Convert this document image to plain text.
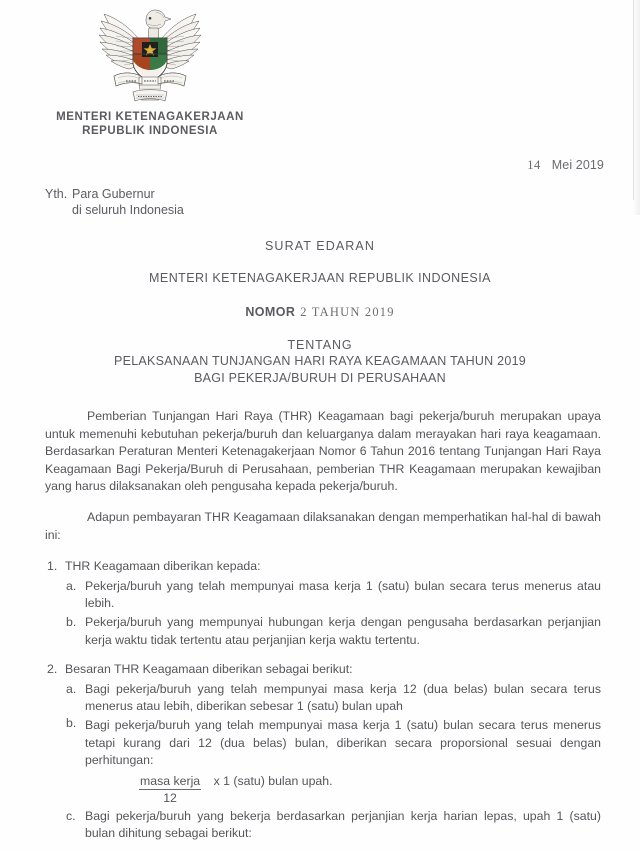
MENTERI KETENAGAKERJAAN
REPUBLIK INDONESIA
14 Mei 2019
Yth. Para Gubernur
di seluruh Indonesia
SURAT EDARAN
MENTERI KETENAGAKERJAAN REPUBLIK INDONESIA
NOMOR 2 TAHUN 2019
TENTANG
PELAKSANAAN TUNJANGAN HARI RAYA KEAGAMAAN TAHUN 2019
BAGI PEKERJA/BURUH DI PERUSAHAAN

Pemberian Tunjangan Hari Raya (THR) Keagamaan bagi pekerja/buruh merupakan upaya untuk memenuhi kebutuhan pekerja/buruh dan keluarganya dalam merayakan hari raya keagamaan. Berdasarkan Peraturan Menteri Ketenagakerjaan Nomor 6 Tahun 2016 tentang Tunjangan Hari Raya Keagamaan Bagi Pekerja/Buruh di Perusahaan, pemberian THR Keagamaan merupakan kewajiban yang harus dilaksanakan oleh pengusaha kepada pekerja/buruh.

Adapun pembayaran THR Keagamaan dilaksanakan dengan memperhatikan hal-hal di bawah ini:

1. THR Keagamaan diberikan kepada:
a. Pekerja/buruh yang telah mempunyai masa kerja 1 (satu) bulan secara terus menerus atau lebih.
b. Pekerja/buruh yang mempunyai hubungan kerja dengan pengusaha berdasarkan perjanjian kerja waktu tidak tertentu atau perjanjian kerja waktu tertentu.
2. Besaran THR Keagamaan diberikan sebagai berikut:
a. Bagi pekerja/buruh yang telah mempunyai masa kerja 12 (dua belas) bulan secara terus menerus atau lebih, diberikan sebesar 1 (satu) bulan upah
b. Bagi pekerja/buruh yang telah mempunyai masa kerja 1 (satu) bulan secara terus menerus tetapi kurang dari 12 (dua belas) bulan, diberikan secara proporsional sesuai dengan perhitungan:
$\frac{\text{masa kerja}}{12}$ x 1 (satu) bulan upah.
c. Bagi pekerja/buruh yang bekerja berdasarkan perjanjian kerja harian lepas, upah 1 (satu) bulan dihitung sebagai berikut:
